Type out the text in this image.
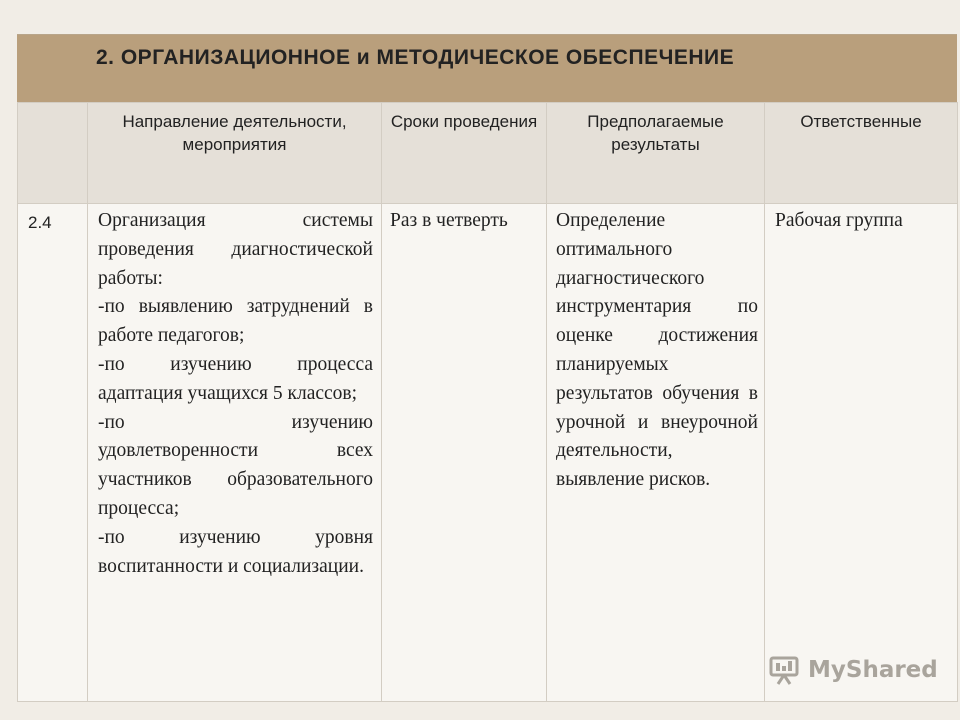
2. ОРГАНИЗАЦИОННОЕ и МЕТОДИЧЕСКОЕ ОБЕСПЕЧЕНИЕ

	Направление деятельности, мероприятия	Сроки проведения	Предполагаемые результаты	Ответственные

2.4	Организация системы проведения диагностической работы:
-по выявлению затруднений в работе педагогов;
-по изучению процесса адаптация учащихся 5 классов;
-по изучению удовлетворенности всех участников образовательного процесса;
-по изучению уровня воспитанности и социализации.	Раз в четверть	Определение оптимального диагностического инструментария по оценке достижения планируемых результатов обучения в урочной и внеурочной деятельности, выявление рисков.	Рабочая группа
MyShared
